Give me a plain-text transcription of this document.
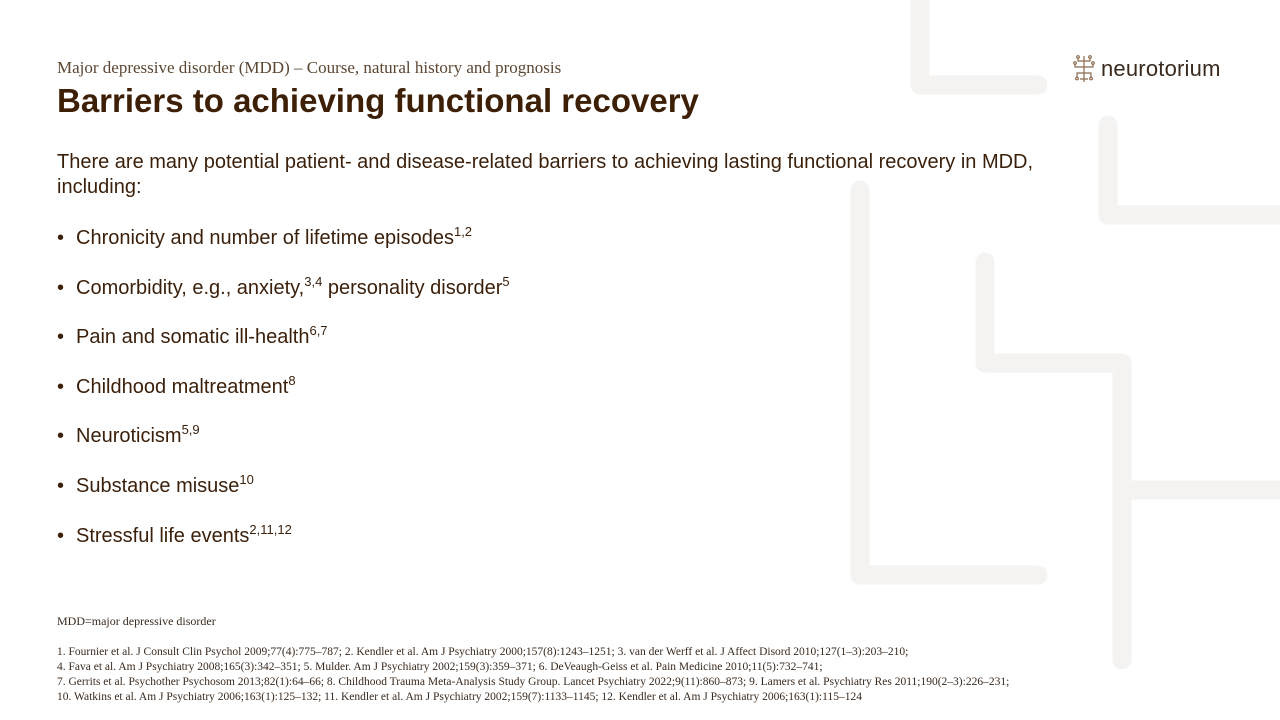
Major depressive disorder (MDD) – Course, natural history and prognosis
Barriers to achieving functional recovery
neurotorium
There are many potential patient- and disease-related barriers to achieving lasting functional recovery in MDD, including:
• Chronicity and number of lifetime episodes$^{1,2}$
• Comorbidity, e.g., anxiety,$^{3,4}$ personality disorder$^5$
• Pain and somatic ill-health$^{6,7}$
• Childhood maltreatment$^8$
• Neuroticism$^{5,9}$
• Substance misuse$^{10}$
• Stressful life events$^{2,11,12}$
MDD=major depressive disorder
1. Fournier et al. J Consult Clin Psychol 2009;77(4):775–787; 2. Kendler et al. Am J Psychiatry 2000;157(8):1243–1251; 3. van der Werff et al. J Affect Disord 2010;127(1–3):203–210;
4. Fava et al. Am J Psychiatry 2008;165(3):342–351; 5. Mulder. Am J Psychiatry 2002;159(3):359–371; 6. DeVeaugh-Geiss et al. Pain Medicine 2010;11(5):732–741;
7. Gerrits et al. Psychother Psychosom 2013;82(1):64–66; 8. Childhood Trauma Meta-Analysis Study Group. Lancet Psychiatry 2022;9(11):860–873; 9. Lamers et al. Psychiatry Res 2011;190(2–3):226–231;
10. Watkins et al. Am J Psychiatry 2006;163(1):125–132; 11. Kendler et al. Am J Psychiatry 2002;159(7):1133–1145; 12. Kendler et al. Am J Psychiatry 2006;163(1):115–124
